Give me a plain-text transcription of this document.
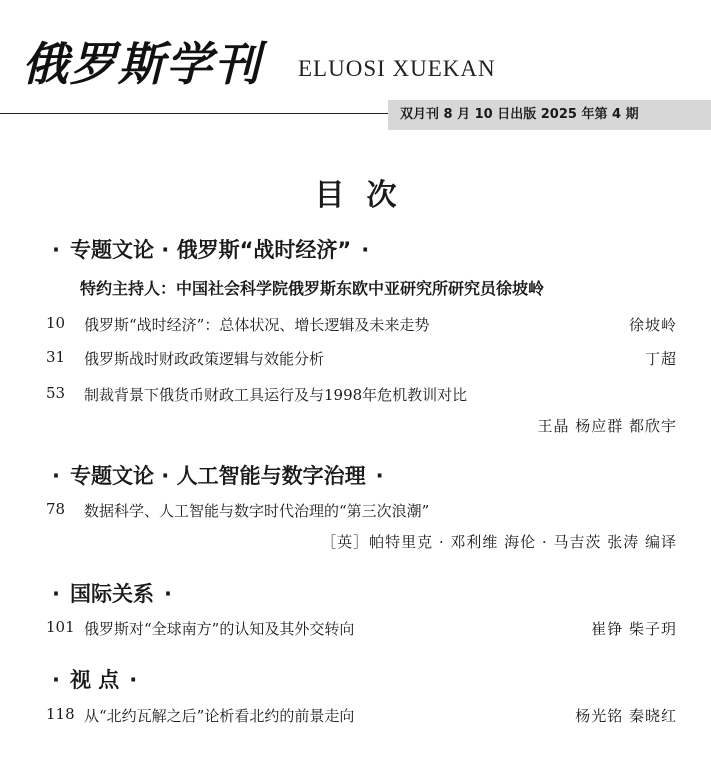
俄罗斯学刊 ELUOSI XUEKAN
双月刊 8 月 10 日出版 2025 年第 4 期
目次
· 专题文论 · 俄罗斯“战时经济” ·
特约主持人：中国社会科学院俄罗斯东欧中亚研究所研究员徐坡岭
10 俄罗斯“战时经济”：总体状况、增长逻辑及未来走势	徐坡岭
31 俄罗斯战时财政政策逻辑与效能分析	丁超
53 制裁背景下俄货币财政工具运行及与1998年危机教训对比
王晶 杨应群 都欣宇
· 专题文论 · 人工智能与数字治理 ·
78 数据科学、人工智能与数字时代治理的“第三次浪潮”
［英］帕特里克 · 邓利维 海伦 · 马吉茨 张涛 编译
· 国际关系 ·
101 俄罗斯对“全球南方”的认知及其外交转向	崔铮 柴子玥
· 视 点 ·
118 从“北约瓦解之后”论析看北约的前景走向	杨光铭 秦晓红
